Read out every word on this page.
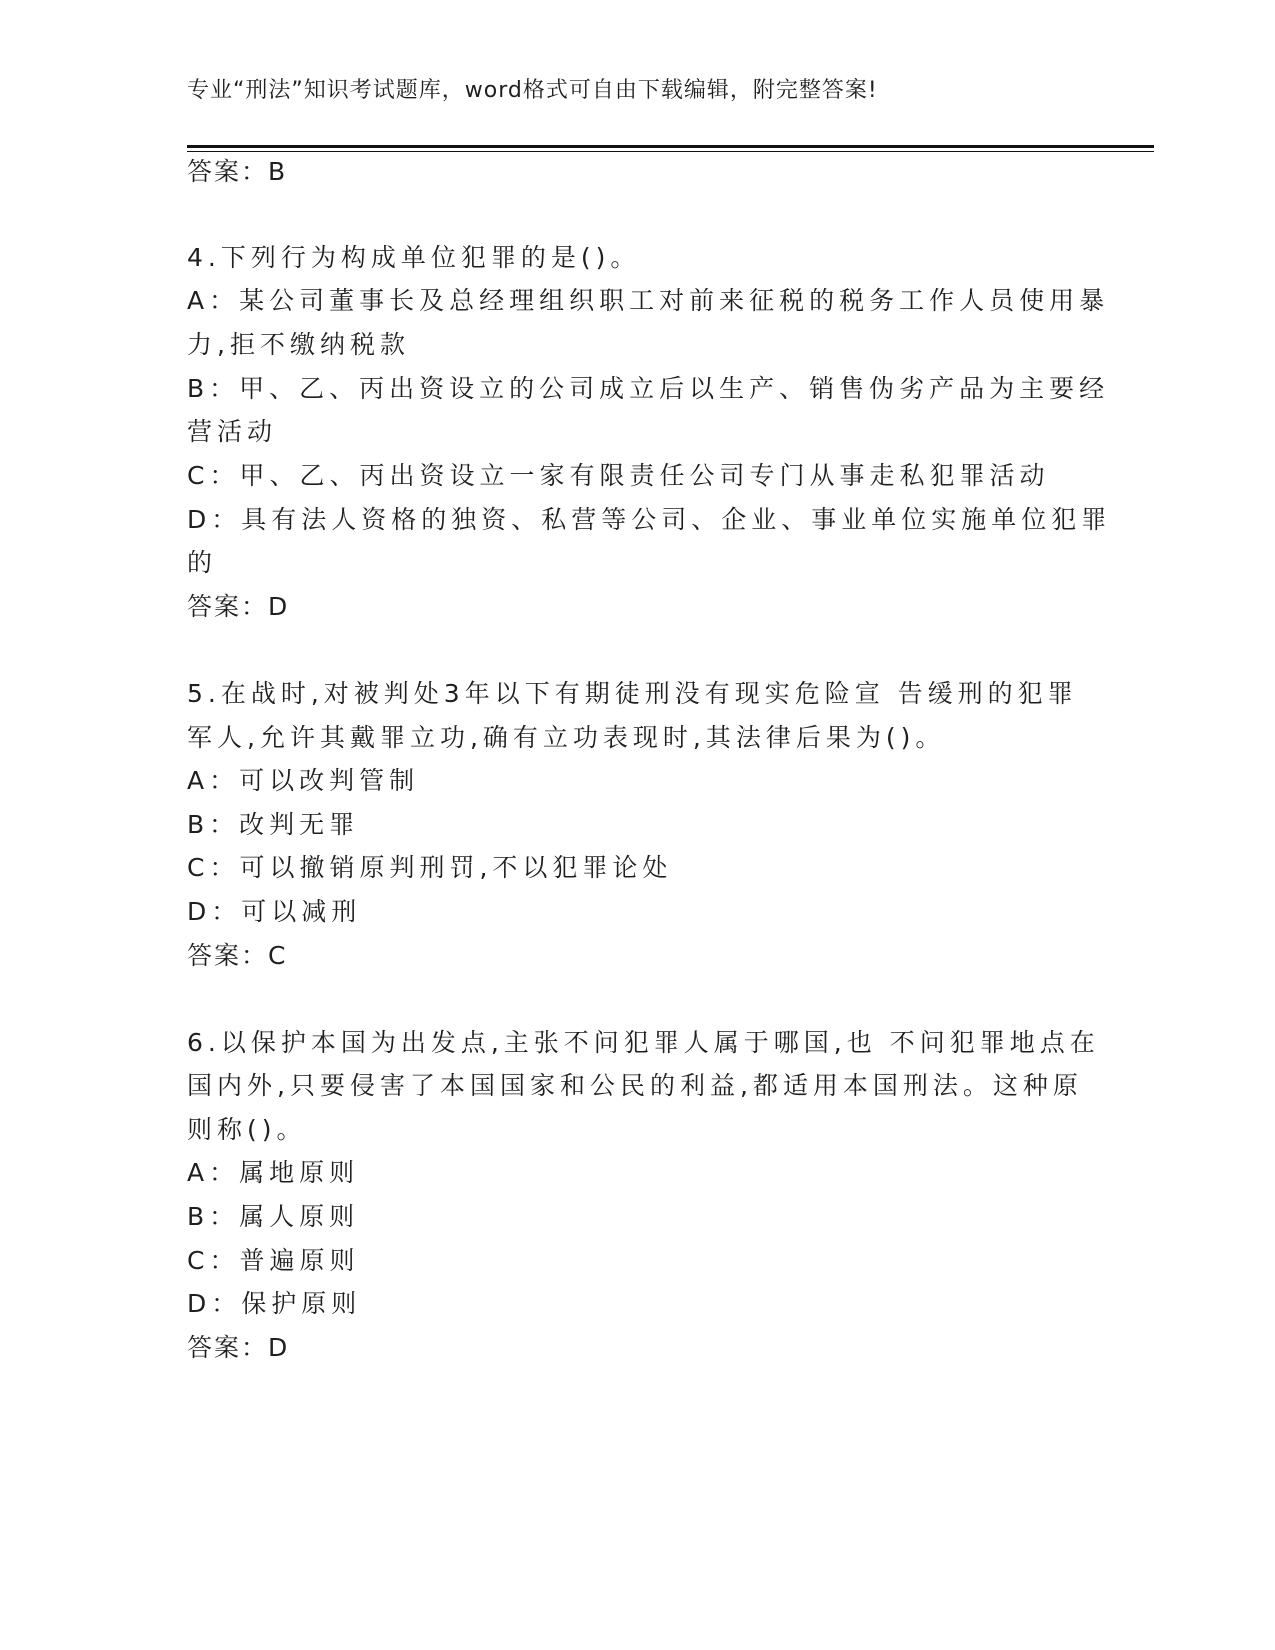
专业“刑法”知识考试题库，word格式可自由下载编辑，附完整答案!
答案：B
4.下列行为构成单位犯罪的是()。
A：某公司董事长及总经理组织职工对前来征税的税务工作人员使用暴
力,拒不缴纳税款
B：甲、乙、丙出资设立的公司成立后以生产、销售伪劣产品为主要经
营活动
C：甲、乙、丙出资设立一家有限责任公司专门从事走私犯罪活动
D：具有法人资格的独资、私营等公司、企业、事业单位实施单位犯罪
的
答案：D
5.在战时,对被判处3年以下有期徒刑没有现实危险宣 告缓刑的犯罪
军人,允许其戴罪立功,确有立功表现时,其法律后果为()。
A：可以改判管制
B：改判无罪
C：可以撤销原判刑罚,不以犯罪论处
D：可以减刑
答案：C
6.以保护本国为出发点,主张不问犯罪人属于哪国,也 不问犯罪地点在
国内外,只要侵害了本国国家和公民的利益,都适用本国刑法。这种原
则称()。
A：属地原则
B：属人原则
C：普遍原则
D：保护原则
答案：D
